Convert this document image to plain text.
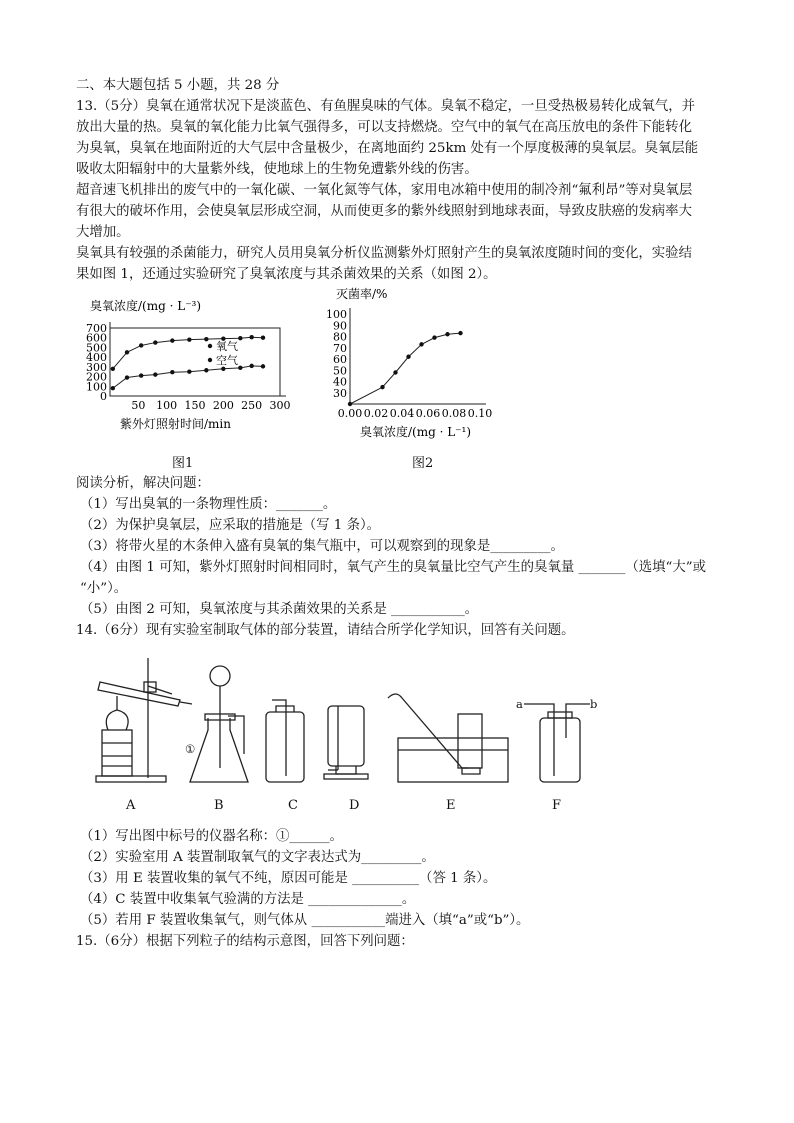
二、本大题包括 5 小题，共 28 分
13.（5分）臭氧在通常状况下是淡蓝色、有鱼腥臭味的气体。臭氧不稳定，一旦受热极易转化成氧气，并
放出大量的热。臭氧的氧化能力比氧气强得多，可以支持燃烧。空气中的氧气在高压放电的条件下能转化
为臭氧，臭氧在地面附近的大气层中含量极少，在离地面约 25km 处有一个厚度极薄的臭氧层。臭氧层能
吸收太阳辐射中的大量紫外线，使地球上的生物免遭紫外线的伤害。
超音速飞机排出的废气中的一氧化碳、一氧化氮等气体，家用电冰箱中使用的制冷剂“氟利昂”等对臭氧层
有很大的破坏作用，会使臭氧层形成空洞，从而使更多的紫外线照射到地球表面，导致皮肤癌的发病率大
大增加。
臭氧具有较强的杀菌能力，研究人员用臭氧分析仪监测紫外灯照射产生的臭氧浓度随时间的变化，实验结
果如图 1，还通过实验研究了臭氧浓度与其杀菌效果的关系（如图 2）。
0
100
200
300
400
500
600
700
50 100 150 200 250 300
臭氧浓度/(mg · L⁻³)
紫外灯照射时间/min
氧气
空气
图1
30
40
50
60
70
80
90
100
0.00 0.02 0.04 0.06 0.08 0.10
灭菌率/%
臭氧浓度/(mg · L⁻¹)
图2
阅读分析，解决问题：
（1）写出臭氧的一条物理性质：_______。
（2）为保护臭氧层，应采取的措施是（写 1 条）。
（3）将带火星的木条伸入盛有臭氧的集气瓶中，可以观察到的现象是_________。
（4）由图 1 可知，紫外灯照射时间相同时，氧气产生的臭氧量比空气产生的臭氧量 _______（选填“大”或
“小”）。
（5）由图 2 可知，臭氧浓度与其杀菌效果的关系是 ___________。
14.（6分）现有实验室制取气体的部分装置，请结合所学化学知识，回答有关问题。
①
a	b
A	B	C	D	E	F
（1）写出图中标号的仪器名称：①______。
（2）实验室用 A 装置制取氧气的文字表达式为_________。
（3）用 E 装置收集的氧气不纯，原因可能是 __________（答 1 条）。
（4）C 装置中收集氧气验满的方法是 ______________。
（5）若用 F 装置收集氧气，则气体从 ___________端进入（填“a”或“b”）。
15.（6分）根据下列粒子的结构示意图，回答下列问题：
